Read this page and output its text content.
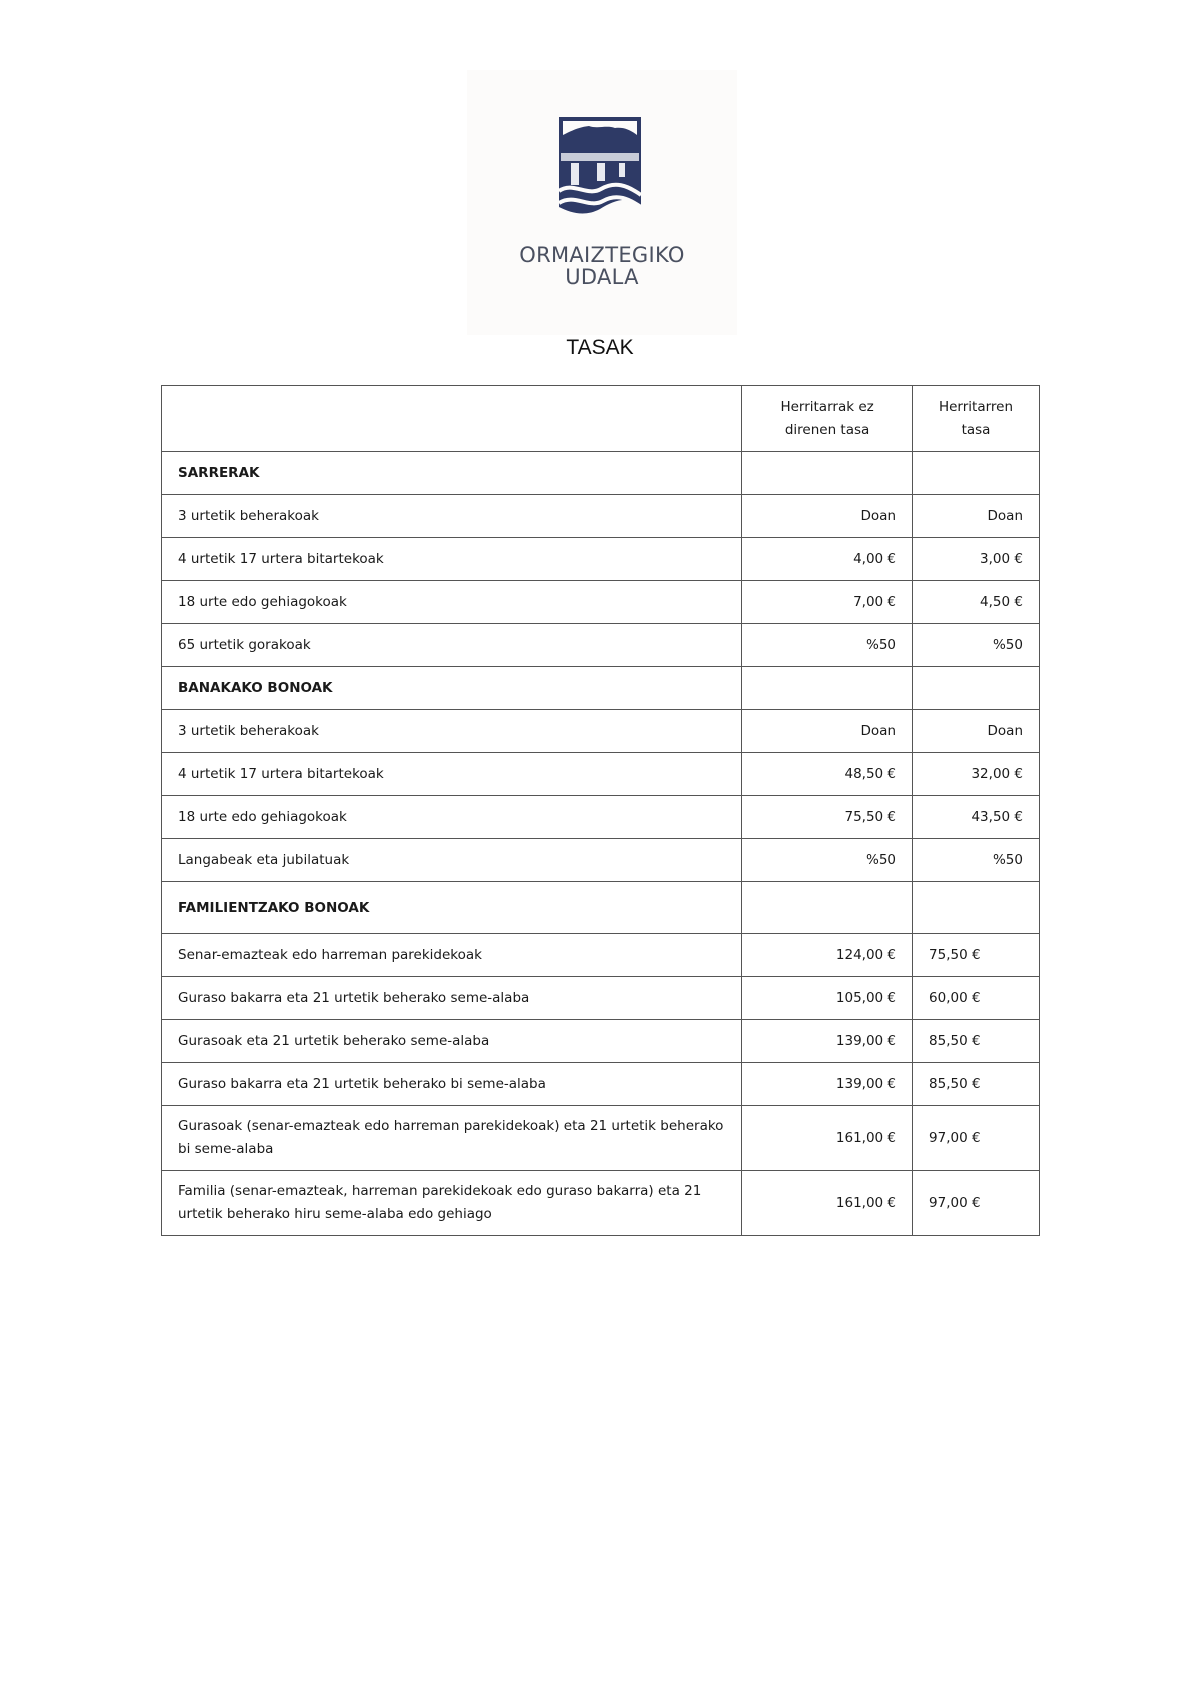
ORMAIZTEGIKO
UDALA
TASAK
	Herritarrak ez direnen tasa	Herritarren tasa
SARRERAK		
3 urtetik beherakoak	Doan	Doan
4 urtetik 17 urtera bitartekoak	4,00 €	3,00 €
18 urte edo gehiagokoak	7,00 €	4,50 €
65 urtetik gorakoak	%50	%50
BANAKAKO BONOAK		
3 urtetik beherakoak	Doan	Doan
4 urtetik 17 urtera bitartekoak	48,50 €	32,00 €
18 urte edo gehiagokoak	75,50 €	43,50 €
Langabeak eta jubilatuak	%50	%50
FAMILIENTZAKO BONOAK		
Senar-emazteak edo harreman parekidekoak	124,00 €	75,50 €
Guraso bakarra eta 21 urtetik beherako seme-alaba	105,00 €	60,00 €
Gurasoak eta 21 urtetik beherako seme-alaba	139,00 €	85,50 €
Guraso bakarra eta 21 urtetik beherako bi seme-alaba	139,00 €	85,50 €
Gurasoak (senar-emazteak edo harreman parekidekoak) eta 21 urtetik beherako bi seme-alaba	161,00 €	97,00 €
Familia (senar-emazteak, harreman parekidekoak edo guraso bakarra) eta 21 urtetik beherako hiru seme-alaba edo gehiago	161,00 €	97,00 €
